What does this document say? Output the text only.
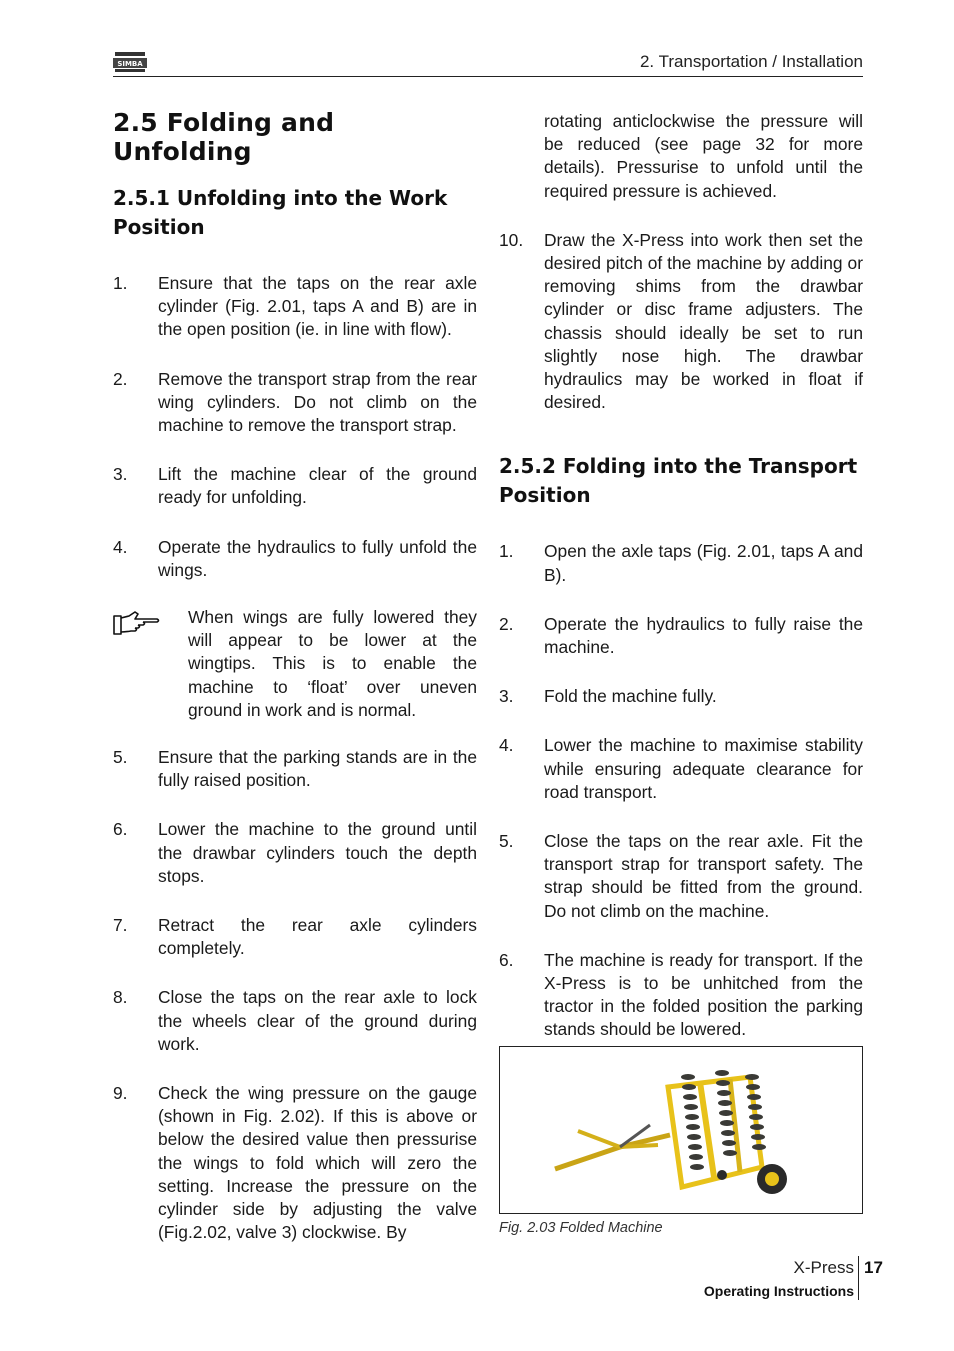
SIMBA	2. Transportation / Installation
2.5 Folding and Unfolding
2.5.1 Unfolding into the Work Position
1.	Ensure that the taps on the rear axle cylinder (Fig. 2.01, taps A and B) are in the open position (ie. in line with flow).
2.	Remove the transport strap from the rear wing cylinders. Do not climb on the machine to remove the transport strap.
3.	Lift the machine clear of the ground ready for unfolding.
4.	Operate the hydraulics to fully unfold the wings.
When wings are fully lowered they will appear to be lower at the wingtips. This is to enable the machine to ‘float’ over uneven ground in work and is normal.
5.	Ensure that the parking stands are in the fully raised position.
6.	Lower the machine to the ground until the drawbar cylinders touch the depth stops.
7.	Retract the rear axle cylinders completely.
8.	Close the taps on the rear axle to lock the wheels clear of the ground during work.
9.	Check the wing pressure on the gauge (shown in Fig. 2.02). If this is above or below the desired value then pressurise the wings to fold which will zero the setting. Increase the pressure on the cylinder side by adjusting the valve (Fig.2.02, valve 3) clockwise. By
rotating anticlockwise the pressure will be reduced (see page 32 for more details). Pressurise to unfold until the required pressure is achieved.
10.	Draw the X-Press into work then set the desired pitch of the machine by adding or removing shims from the drawbar cylinder or disc frame adjusters. The chassis should ideally be set to run slightly nose high. The drawbar hydraulics may be worked in float if desired.
2.5.2 Folding into the Transport Position
1.	Open the axle taps (Fig. 2.01, taps A and B).
2.	Operate the hydraulics to fully raise the machine.
3.	Fold the machine fully.
4.	Lower the machine to maximise stability while ensuring adequate clearance for road transport.
5.	Close the taps on the rear axle. Fit the transport strap for transport safety. The strap should be fitted from the ground. Do not climb on the machine.
6.	The machine is ready for transport. If the X-Press is to be unhitched from the tractor in the folded position the parking stands should be lowered.
Fig. 2.03 Folded Machine
X-Press 17
Operating Instructions
